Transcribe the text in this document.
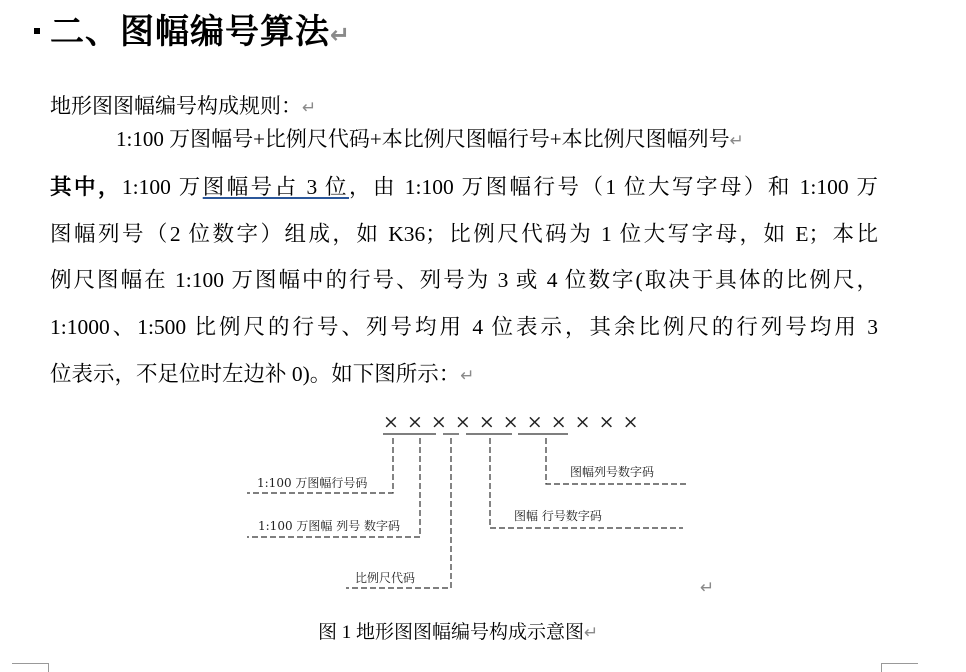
二、图幅编号算法↵
地形图图幅编号构成规则：↵
1:100 万图幅号+比例尺代码+本比例尺图幅行号+本比例尺图幅列号↵
其中，1:100 万图幅号占 3 位，由 1:100 万图幅行号（1 位大写字母）和 1:100 万
图幅列号（2 位数字）组成，如 K36；比例尺代码为 1 位大写字母，如 E；本比
例尺图幅在 1:100 万图幅中的行号、列号为 3 或 4 位数字(取决于具体的比例尺，
1:1000、1:500 比例尺的行号、列号均用 4 位表示，其余比例尺的行列号均用 3
位表示，不足位时左边补 0)。如下图所示：↵
× × × × × × × × × × ×
1:100 万图幅行号码
1:100 万图幅 列号 数字码
比例尺代码
图幅 行号数字码
图幅列号数字码
↵
图 1 地形图图幅编号构成示意图↵
